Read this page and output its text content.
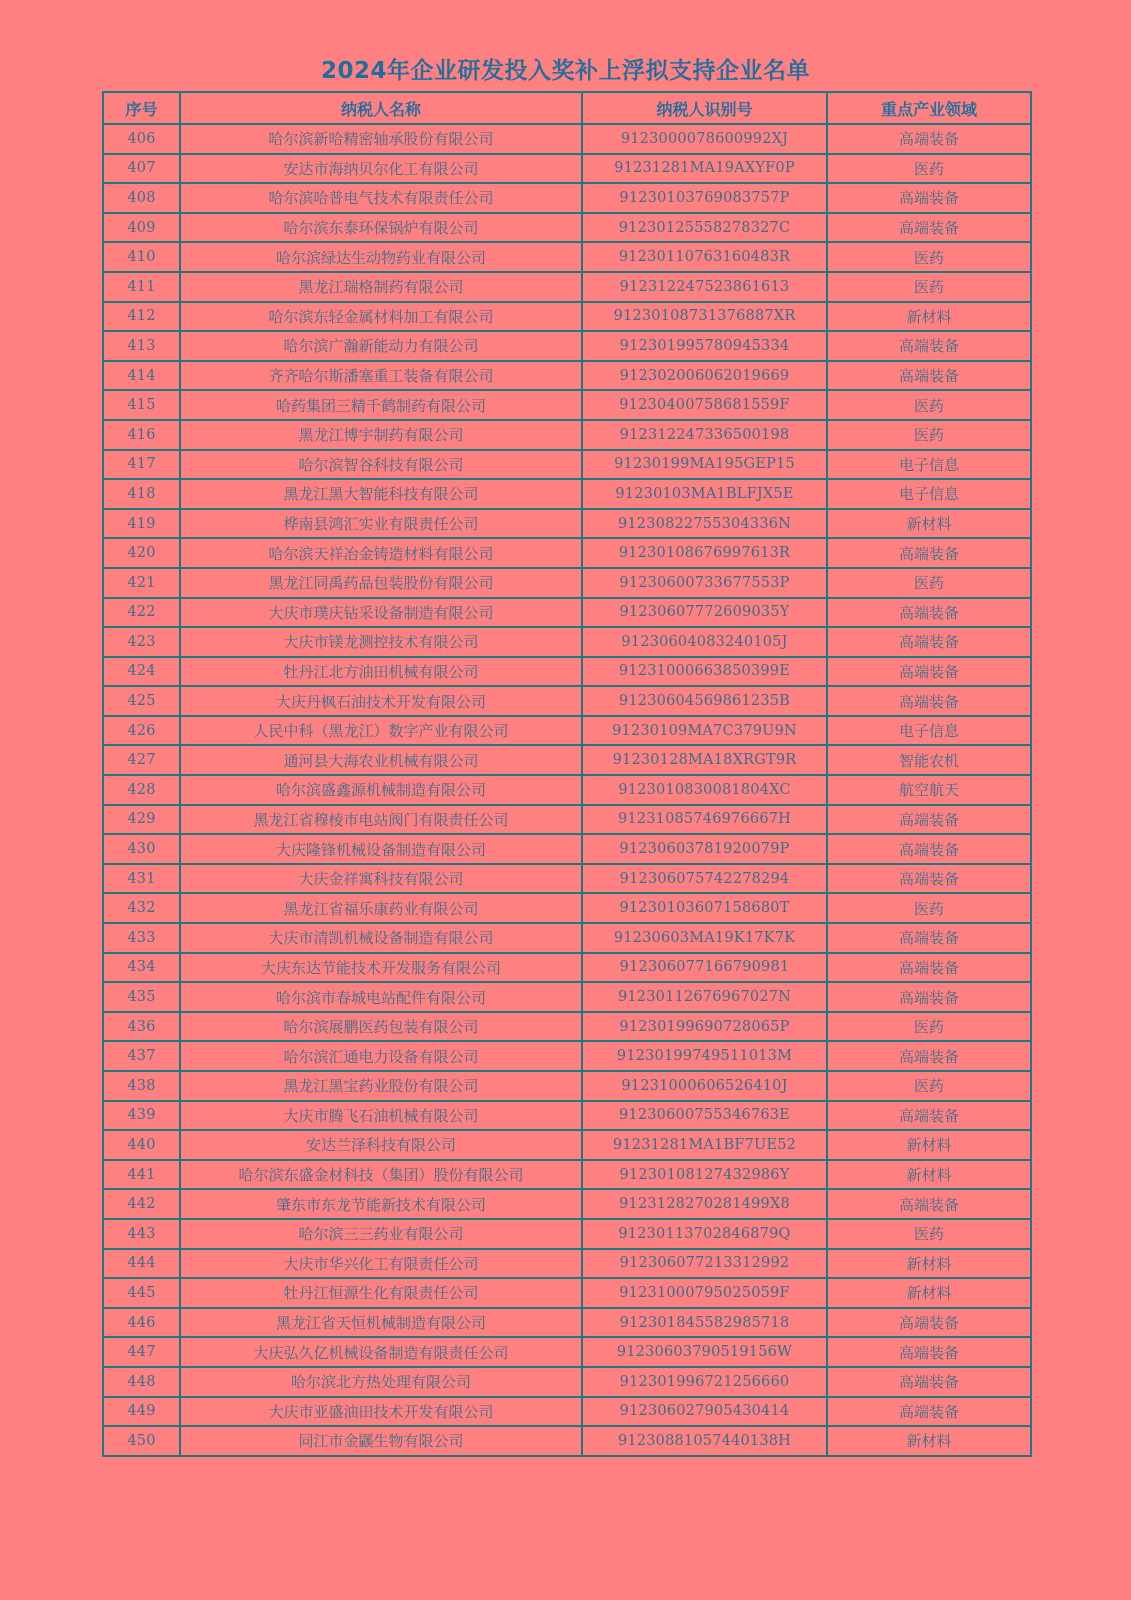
2024年企业研发投入奖补上浮拟支持企业名单
序号	纳税人名称	纳税人识别号	重点产业领域
406	哈尔滨新哈精密轴承股份有限公司	9123000078600992XJ	高端装备
407	安达市海纳贝尔化工有限公司	91231281MA19AXYF0P	医药
408	哈尔滨哈普电气技术有限责任公司	91230103769083757P	高端装备
409	哈尔滨东泰环保锅炉有限公司	91230125558278327C	高端装备
410	哈尔滨绿达生动物药业有限公司	91230110763160483R	医药
411	黑龙江瑞格制药有限公司	912312247523861613	医药
412	哈尔滨东轻金属材料加工有限公司	91230108731376887XR	新材料
413	哈尔滨广瀚新能动力有限公司	912301995780945334	高端装备
414	齐齐哈尔斯潘塞重工装备有限公司	912302006062019669	高端装备
415	哈药集团三精千鹤制药有限公司	91230400758681559F	医药
416	黑龙江博宇制药有限公司	912312247336500198	医药
417	哈尔滨智谷科技有限公司	91230199MA195GEP15	电子信息
418	黑龙江黑大智能科技有限公司	91230103MA1BLFJX5E	电子信息
419	桦南县鸿汇实业有限责任公司	91230822755304336N	新材料
420	哈尔滨天祥冶金铸造材料有限公司	91230108676997613R	高端装备
421	黑龙江同禹药品包装股份有限公司	91230600733677553P	医药
422	大庆市璞庆钻采设备制造有限公司	91230607772609035Y	高端装备
423	大庆市镁龙测控技术有限公司	91230604083240105J	高端装备
424	牡丹江北方油田机械有限公司	91231000663850399E	高端装备
425	大庆丹枫石油技术开发有限公司	91230604569861235B	高端装备
426	人民中科（黑龙江）数字产业有限公司	91230109MA7C379U9N	电子信息
427	通河县大海农业机械有限公司	91230128MA18XRGT9R	智能农机
428	哈尔滨盛鑫源机械制造有限公司	9123010830081804XC	航空航天
429	黑龙江省穆棱市电站阀门有限责任公司	91231085746976667H	高端装备
430	大庆隆锋机械设备制造有限公司	91230603781920079P	高端装备
431	大庆金祥寓科技有限公司	912306075742278294	高端装备
432	黑龙江省福乐康药业有限公司	91230103607158680T	医药
433	大庆市清凯机械设备制造有限公司	91230603MA19K17K7K	高端装备
434	大庆东达节能技术开发服务有限公司	912306077166790981	高端装备
435	哈尔滨市春城电站配件有限公司	91230112676967027N	高端装备
436	哈尔滨展鹏医药包装有限公司	91230199690728065P	医药
437	哈尔滨汇通电力设备有限公司	91230199749511013M	高端装备
438	黑龙江黑宝药业股份有限公司	91231000606526410J	医药
439	大庆市腾飞石油机械有限公司	91230600755346763E	高端装备
440	安达兰泽科技有限公司	91231281MA1BF7UE52	新材料
441	哈尔滨东盛金材科技（集团）股份有限公司	91230108127432986Y	新材料
442	肇东市东龙节能新技术有限公司	9123128270281499X8	高端装备
443	哈尔滨三三药业有限公司	91230113702846879Q	医药
444	大庆市华兴化工有限责任公司	912306077213312992	新材料
445	牡丹江恒源生化有限责任公司	91231000795025059F	新材料
446	黑龙江省天恒机械制造有限公司	912301845582985718	高端装备
447	大庆弘久亿机械设备制造有限责任公司	91230603790519156W	高端装备
448	哈尔滨北方热处理有限公司	912301996721256660	高端装备
449	大庆市亚盛油田技术开发有限公司	912306027905430414	高端装备
450	同江市金鼷生物有限公司	91230881057440138H	新材料
